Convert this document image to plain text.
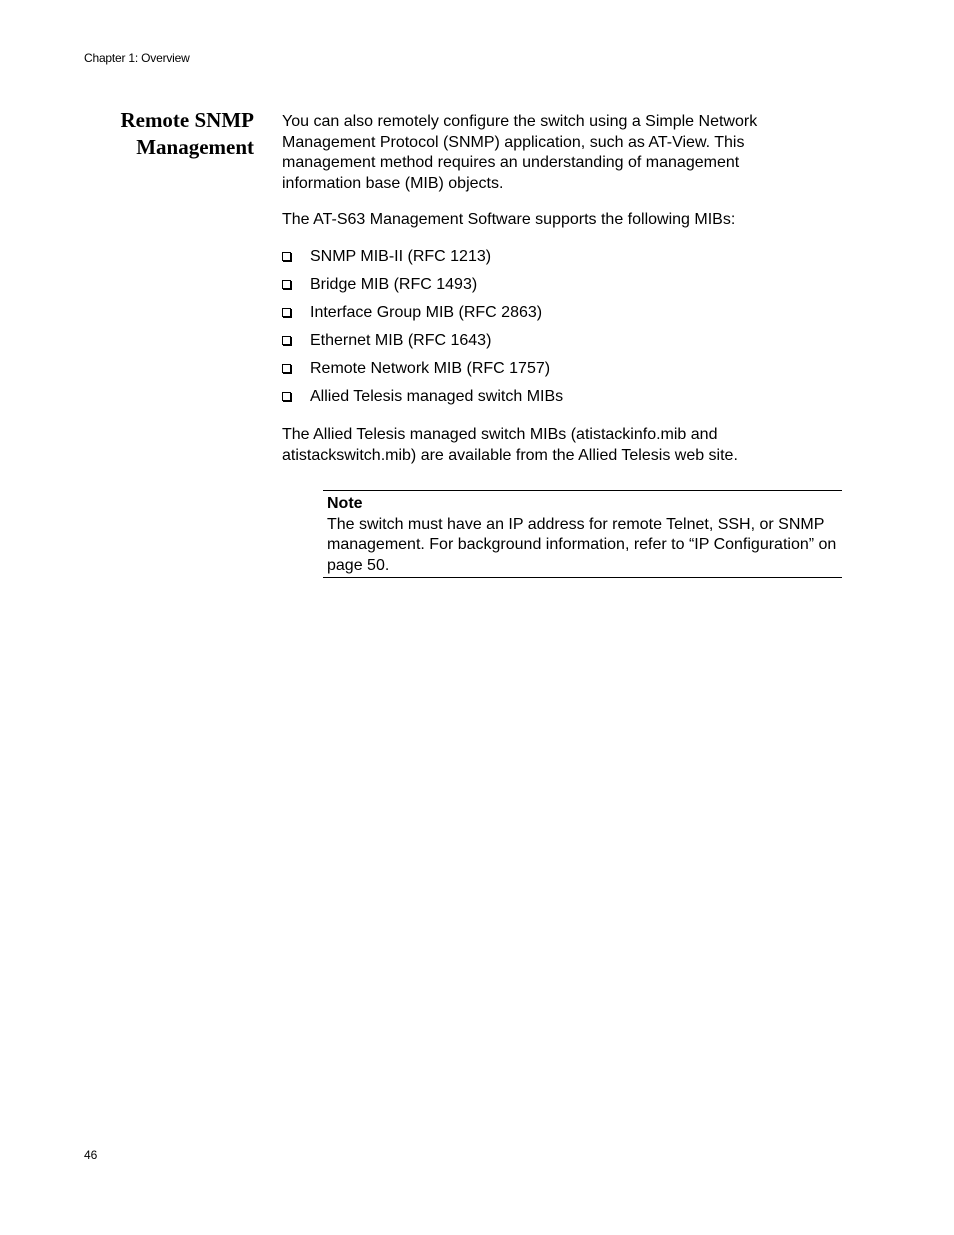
Chapter 1: Overview
Remote SNMP
Management

You can also remotely configure the switch using a Simple Network Management Protocol (SNMP) application, such as AT-View. This management method requires an understanding of management information base (MIB) objects.

The AT-S63 Management Software supports the following MIBs:

SNMP MIB-II (RFC 1213)
Bridge MIB (RFC 1493)
Interface Group MIB (RFC 2863)
Ethernet MIB (RFC 1643)
Remote Network MIB (RFC 1757)
Allied Telesis managed switch MIBs

The Allied Telesis managed switch MIBs (atistackinfo.mib and atistackswitch.mib) are available from the Allied Telesis web site.

Note
The switch must have an IP address for remote Telnet, SSH, or SNMP management. For background information, refer to “IP Configuration” on page 50.
46
